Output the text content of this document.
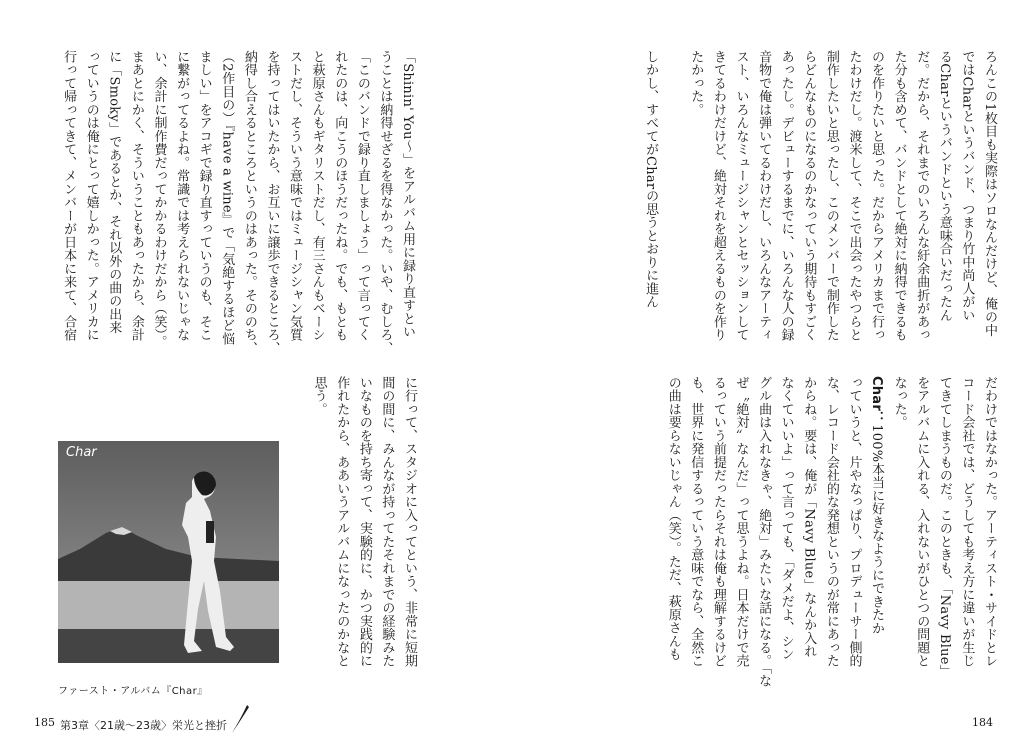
ろんこの1枚目も実際はソロなんだけど、俺の中

ではCharというバンド、つまり竹中尚人がい

るCharというバンドという意味合いだったん

だ。だから、それまでのいろんな紆余曲折があっ

た分も含めて、バンドとして絶対に納得できるも

のを作りたいと思った。だからアメリカまで行っ

たわけだし。渡米して、そこで出会ったやつらと

制作したいと思ったし、このメンバーで制作した

らどんなものになるのかなっていう期待もすごく

あったし。デビューするまでに、いろんな人の録

音物で俺は弾いてるわけだし、いろんなアーティ

スト、いろんなミュージシャンとセッションして

きてるわけだけど、絶対それを超えるものを作り

たかった。

しかし、すべてがCharの思うとおりに進ん

だわけではなかった。アーティスト・サイドとレ

コード会社では、どうしても考え方に違いが生じ

てきてしまうものだ。このときも、「Navy Blue」

をアルバムに入れる、入れないがひとつの問題と

なった。

Char：100%本当に好きなようにできたか

っていうと、片やなっぱり、プロデューサー側的

な、レコード会社的な発想というのが常にあった

からね。要は、俺が「Navy Blue」なんか入れ

なくていいよ」って言っても、「ダメだよ、シン

グル曲は入れなきゃ、絶対」みたいな話になる。「な

ぜ〝絶対〟なんだ」って思うよね。日本だけで売

るっていう前提だったらそれは俺も理解するけど

も、世界に発信するっていう意味でなら、全然こ

の曲は要らないじゃん（笑）。ただ、萩原さんも

184

「Shinin' You～」をアルバム用に録り直すとい

うことは納得せざるを得なかった。いや、むしろ、

「このバンドで録り直しましょう」って言ってく

れたのは、向こうのほうだったね。でも、もとも

と萩原さんもギタリストだし、有三さんもベーシ

ストだし、そういう意味ではミュージシャン気質

を持ってはいたから、お互いに譲歩できるところ、

納得し合えるところというのはあった。そののち、

（2作目の）『have a wine』で「気絶するほど悩

ましい」をアコギで録り直すっていうのも、そこ

に繋がってるよね。常識では考えられないじゃな

い、余計に制作費だってかかるわけだから（笑）。

まあとにかく、そういうこともあったから、余計

に「Smoky」であるとか、それ以外の曲の出来

っていうのは俺にとって嬉しかった。アメリカに

行って帰ってきて、メンバーが日本に来て、合宿

に行って、スタジオに入ってという、非常に短期

間の間に、みんなが持ってたそれまでの経験みた

いなものを持ち寄って、実験的に、かつ実践的に

作れたから、ああいうアルバムになったのかなと

思う。

Char
ファースト・アルバム『Char』
185 第3章〈21歳～23歳〉栄光と挫折
